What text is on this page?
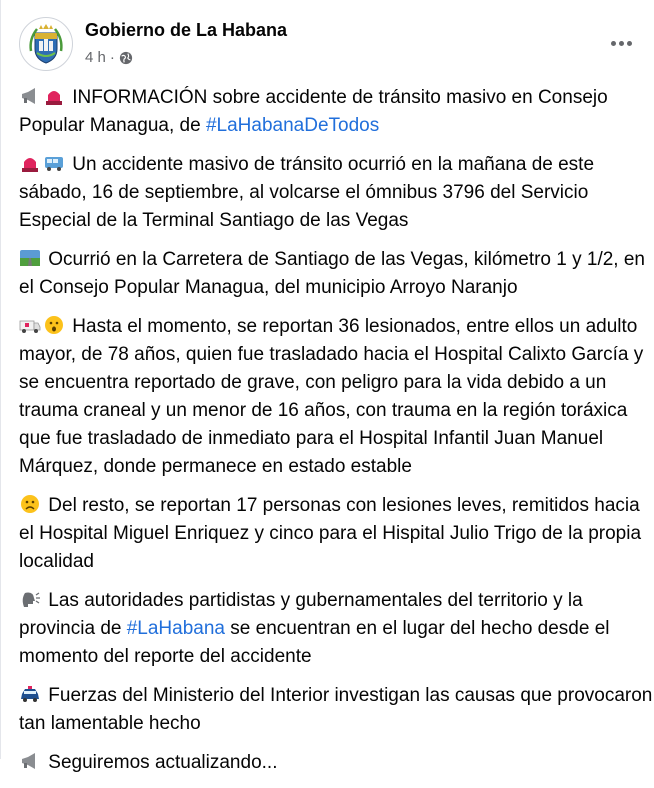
Gobierno de La Habana
4 h ·

INFORMACIÓN sobre accidente de tránsito masivo en Consejo Popular Managua, de #LaHabanaDeTodos

Un accidente masivo de tránsito ocurrió en la mañana de este sábado, 16 de septiembre, al volcarse el ómnibus 3796 del Servicio Especial de la Terminal Santiago de las Vegas

Ocurrió en la Carretera de Santiago de las Vegas, kilómetro 1 y 1/2, en el Consejo Popular Managua, del municipio Arroyo Naranjo

Hasta el momento, se reportan 36 lesionados, entre ellos un adulto mayor, de 78 años, quien fue trasladado hacia el Hospital Calixto García y se encuentra reportado de grave, con peligro para la vida debido a un trauma craneal y un menor de 16 años, con trauma en la región toráxica que fue trasladado de inmediato para el Hospital Infantil Juan Manuel Márquez, donde permanece en estado estable

Del resto, se reportan 17 personas con lesiones leves, remitidos hacia el Hospital Miguel Enriquez y cinco para el Hispital Julio Trigo de la propia localidad

Las autoridades partidistas y gubernamentales del territorio y la provincia de #LaHabana se encuentran en el lugar del hecho desde el momento del reporte del accidente

Fuerzas del Ministerio del Interior investigan las causas que provocaron tan lamentable hecho

Seguiremos actualizando...
